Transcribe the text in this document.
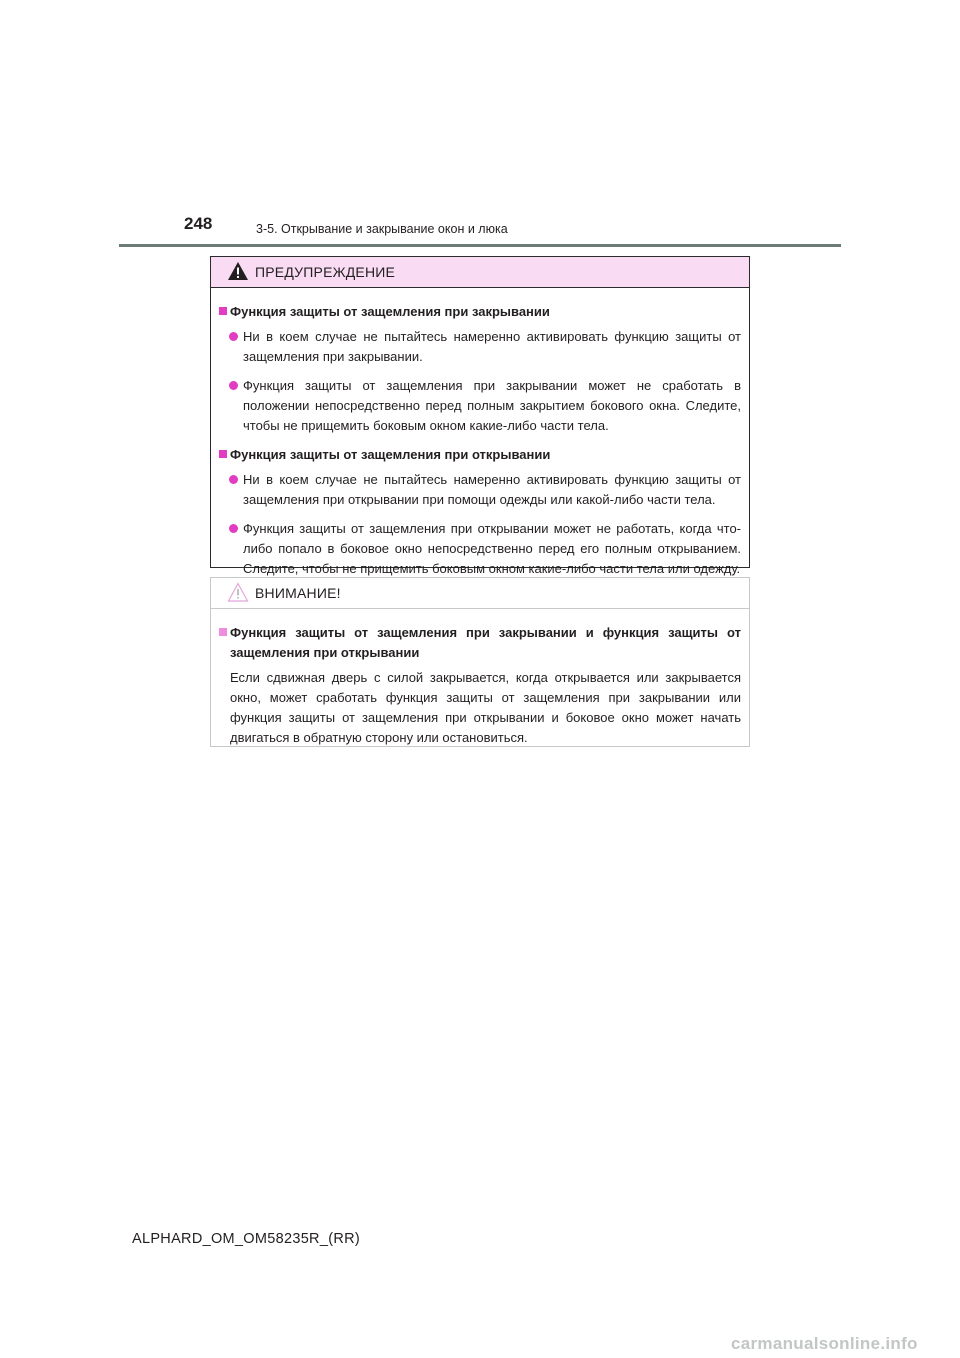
248	3-5. Открывание и закрывание окон и люка
ПРЕДУПРЕЖДЕНИЕ
Функция защиты от защемления при закрывании
Ни в коем случае не пытайтесь намеренно активировать функцию защиты от защемления при закрывании.
Функция защиты от защемления при закрывании может не сработать в положении непосредственно перед полным закрытием бокового окна. Следите, чтобы не прищемить боковым окном какие-либо части тела.
Функция защиты от защемления при открывании
Ни в коем случае не пытайтесь намеренно активировать функцию защиты от защемления при открывании при помощи одежды или какой-либо части тела.
Функция защиты от защемления при открывании может не работать, когда что-либо попало в боковое окно непосредственно перед его полным открыванием. Следите, чтобы не прищемить боковым окном какие-либо части тела или одежду.
ВНИМАНИЕ!
Функция защиты от защемления при закрывании и функция защиты от защемления при открывании
Если сдвижная дверь с силой закрывается, когда открывается или закрывается окно, может сработать функция защиты от защемления при закрывании или функция защиты от защемления при открывании и боковое окно может начать двигаться в обратную сторону или остановиться.
ALPHARD_OM_OM58235R_(RR)
carmanualsonline.info
